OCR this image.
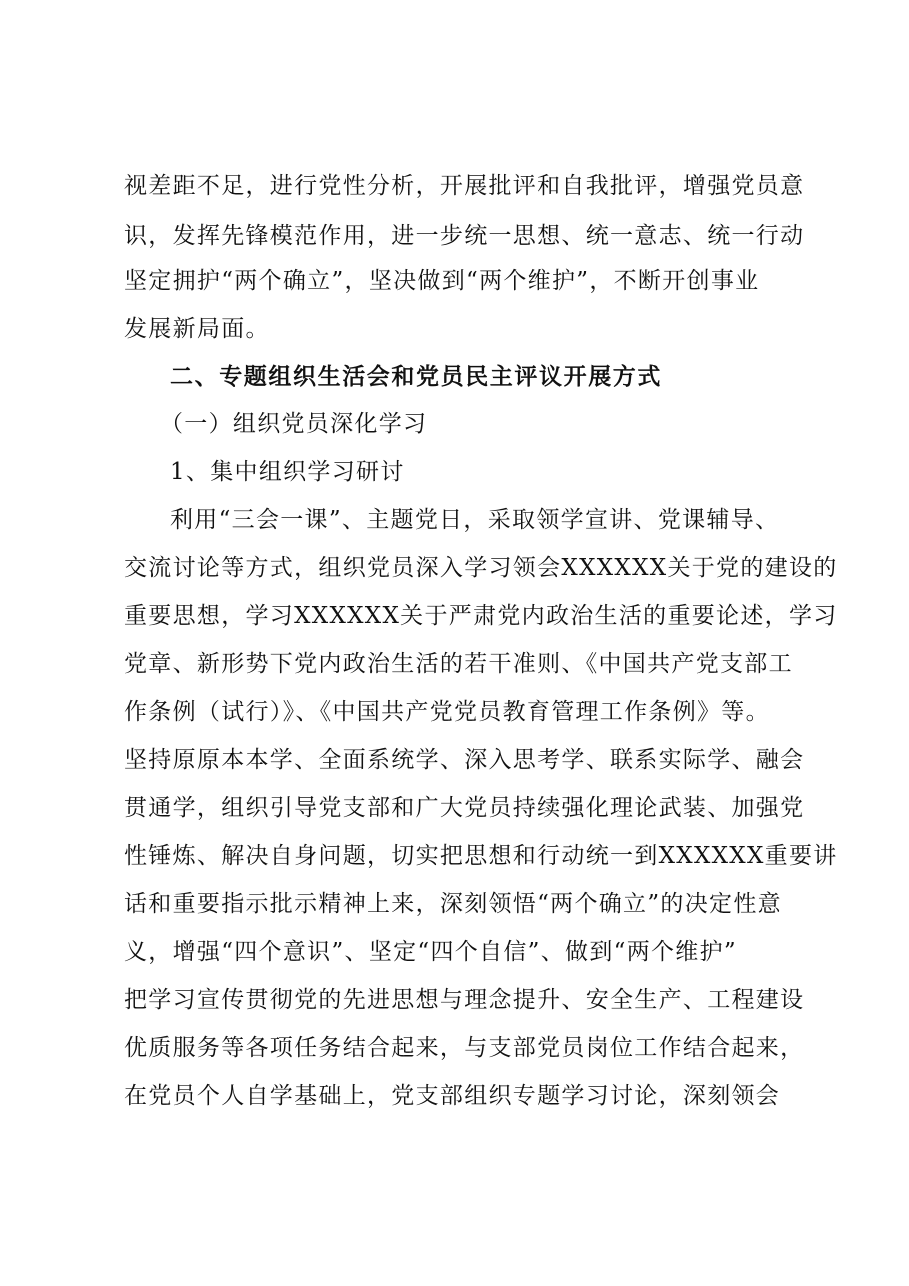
视差距不足，进行党性分析，开展批评和自我批评，增强党员意
识，发挥先锋模范作用，进一步统一思想、统一意志、统一行动
坚定拥护“两个确立”，坚决做到“两个维护”，不断开创事业
发展新局面。
二、专题组织生活会和党员民主评议开展方式
（一）组织党员深化学习
1、集中组织学习研讨
利用“三会一课”、主题党日，采取领学宣讲、党课辅导、
交流讨论等方式，组织党员深入学习领会XXXXXX关于党的建设的
重要思想，学习XXXXXX关于严肃党内政治生活的重要论述，学习
党章、新形势下党内政治生活的若干准则、《中国共产党支部工
作条例（试行）》、《中国共产党党员教育管理工作条例》等。
坚持原原本本学、全面系统学、深入思考学、联系实际学、融会
贯通学，组织引导党支部和广大党员持续强化理论武装、加强党
性锤炼、解决自身问题，切实把思想和行动统一到XXXXXX重要讲
话和重要指示批示精神上来，深刻领悟“两个确立”的决定性意
义，增强“四个意识”、坚定“四个自信”、做到“两个维护”
把学习宣传贯彻党的先进思想与理念提升、安全生产、工程建设
优质服务等各项任务结合起来，与支部党员岗位工作结合起来，
在党员个人自学基础上，党支部组织专题学习讨论，深刻领会
